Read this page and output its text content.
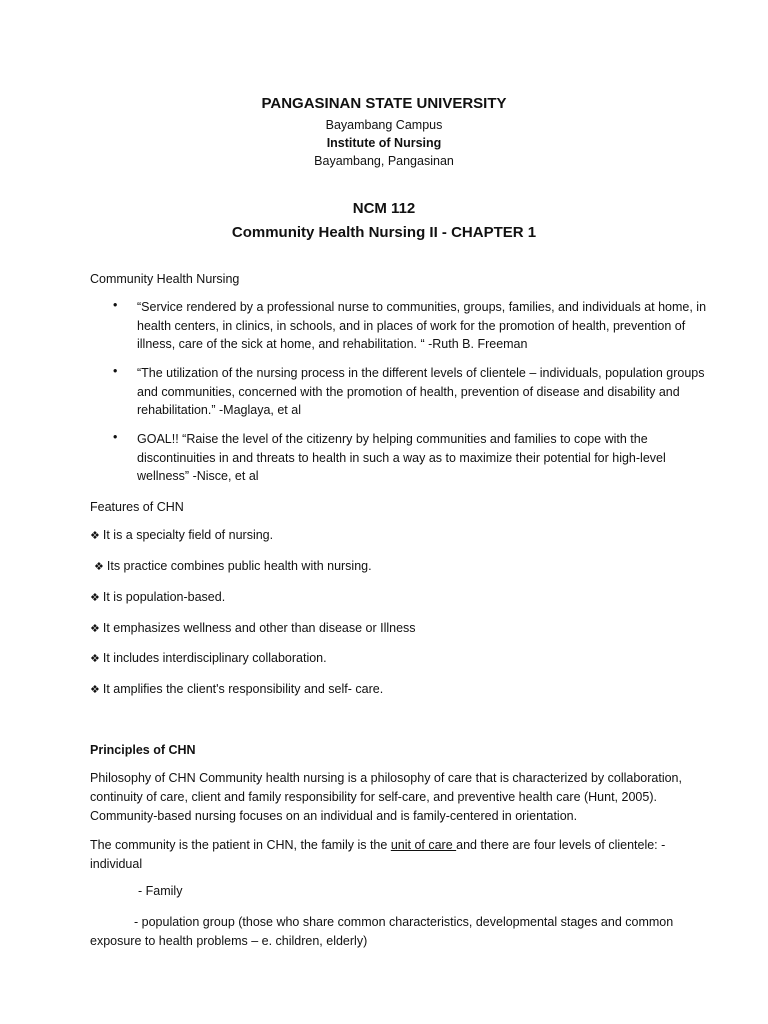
PANGASINAN STATE UNIVERSITY
Bayambang Campus
Institute of Nursing
Bayambang, Pangasinan
NCM 112
Community Health Nursing II - CHAPTER 1
Community Health Nursing
• “Service rendered by a professional nurse to communities, groups, families, and individuals at home, in health centers, in clinics, in schools, and in places of work for the promotion of health, prevention of illness, care of the sick at home, and rehabilitation. “ -Ruth B. Freeman
• “The utilization of the nursing process in the different levels of clientele – individuals, population groups and communities, concerned with the promotion of health, prevention of disease and disability and rehabilitation.” -Maglaya, et al
• GOAL!! “Raise the level of the citizenry by helping communities and families to cope with the discontinuities in and threats to health in such a way as to maximize their potential for high-level wellness” -Nisce, et al
Features of CHN
❖ It is a specialty field of nursing.
❖ Its practice combines public health with nursing.
❖ It is population-based.
❖ It emphasizes wellness and other than disease or Illness
❖ It includes interdisciplinary collaboration.
❖ It amplifies the client's responsibility and self- care.
Principles of CHN
Philosophy of CHN Community health nursing is a philosophy of care that is characterized by collaboration, continuity of care, client and family responsibility for self-care, and preventive health care (Hunt, 2005). Community-based nursing focuses on an individual and is family-centered in orientation.
The community is the patient in CHN, the family is the unit of care and there are four levels of clientele: - individual
- Family
- population group (those who share common characteristics, developmental stages and common exposure to health problems – e. children, elderly)
